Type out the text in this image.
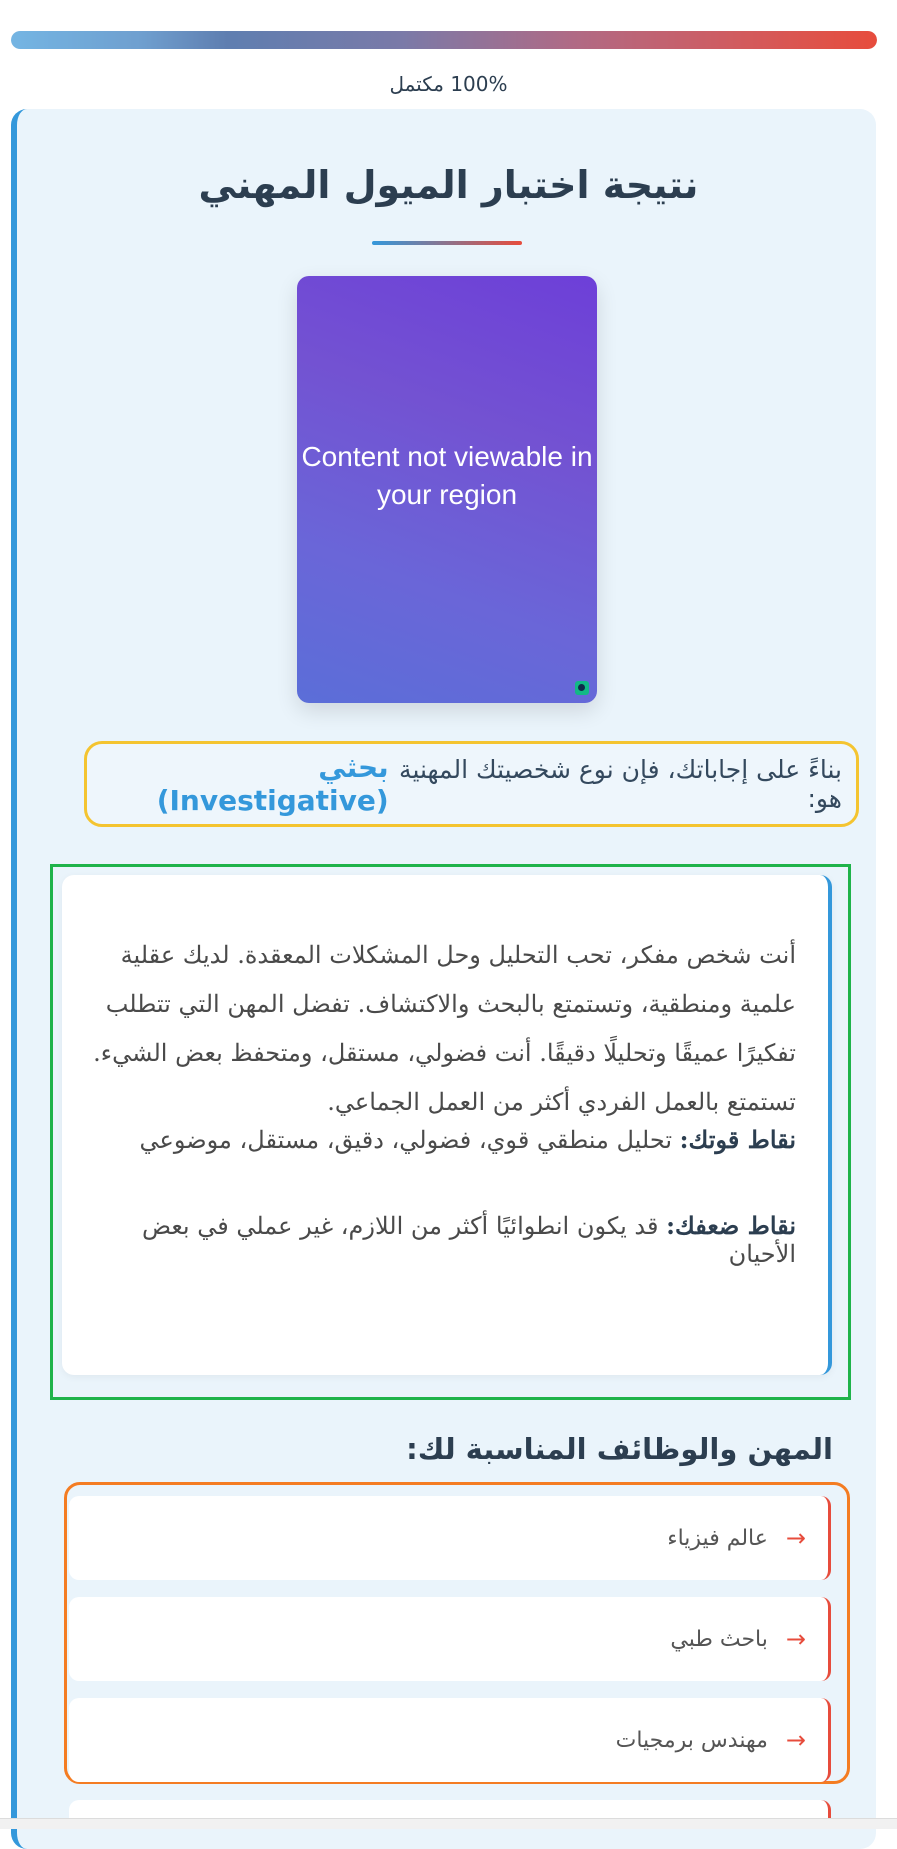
100% مكتمل
نتيجة اختبار الميول المهني
Content not viewable in your region
بناءً على إجاباتك، فإن نوع شخصيتك المهنية هو:
بحثي (Investigative)
أنت شخص مفكر، تحب التحليل وحل المشكلات المعقدة. لديك عقلية علمية ومنطقية، وتستمتع بالبحث والاكتشاف. تفضل المهن التي تتطلب تفكيرًا عميقًا وتحليلًا دقيقًا. أنت فضولي، مستقل، ومتحفظ بعض الشيء. تستمتع بالعمل الفردي أكثر من العمل الجماعي.
نقاط قوتك: تحليل منطقي قوي، فضولي، دقيق، مستقل، موضوعي
نقاط ضعفك: قد يكون انطوائيًا أكثر من اللازم، غير عملي في بعض الأحيان
المهن والوظائف المناسبة لك:
→
عالم فيزياء
→
باحث طبي
→
مهندس برمجيات
